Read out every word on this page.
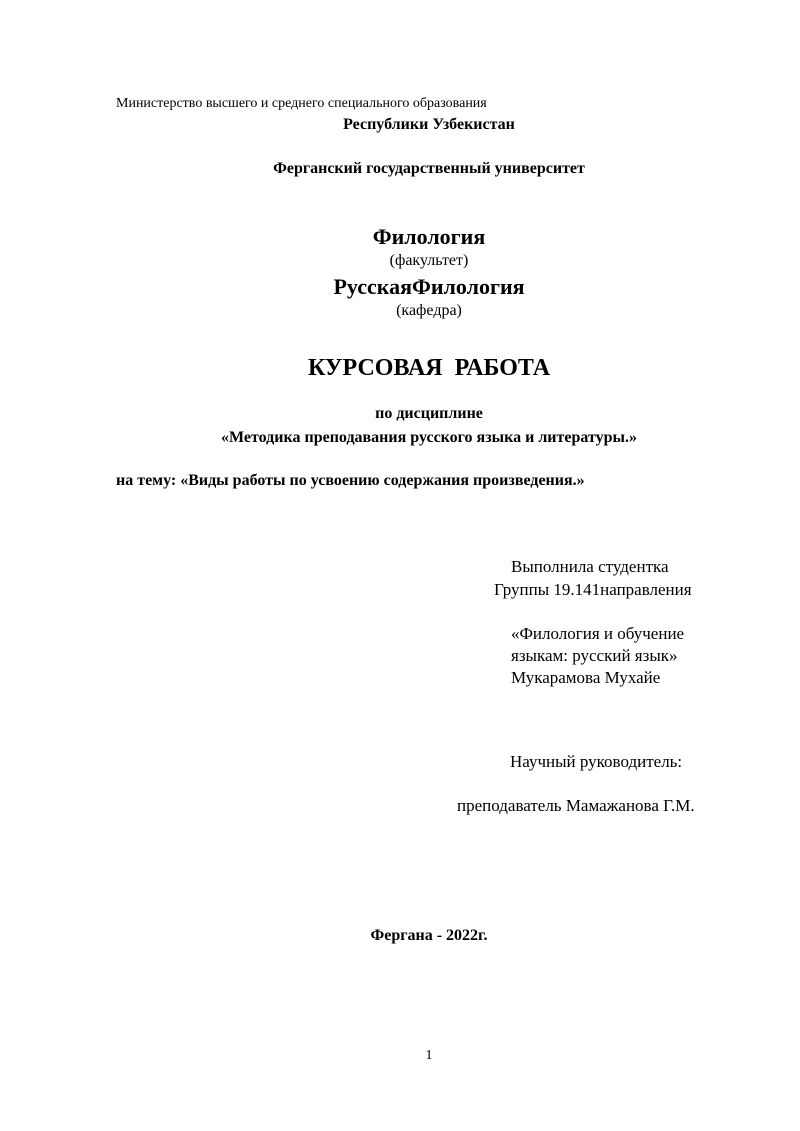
Министерство высшего и среднего специального образования
Республики Узбекистан
Ферганский государственный университет
Филология
(факультет)
РусскаяФилология
(кафедра)
КУРСОВАЯ  РАБОТА
по дисциплине
«Методика преподавания русского языка и литературы.»
на тему: «Виды работы по усвоению содержания произведения.»
Выполнила студентка
Группы 19.141направления
«Филология и обучение
языкам: русский язык»
Мукарамова Мухайе
Научный руководитель:
преподаватель Мамажанова Г.М.
Фергана - 2022г.
1
